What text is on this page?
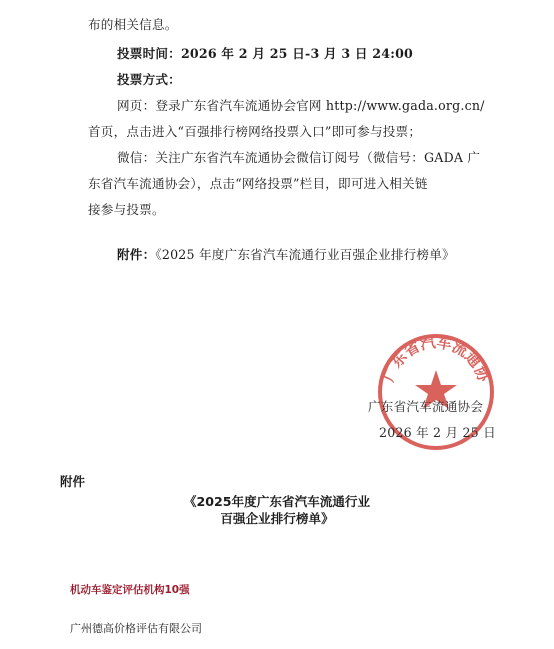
布的相关信息。
投票时间：2026 年 2 月 25 日-3 月 3 日 24:00
投票方式：
网页：登录广东省汽车流通协会官网 http://www.gada.org.cn/
首页，点击进入“百强排行榜网络投票入口”即可参与投票；
微信：关注广东省汽车流通协会微信订阅号（微信号：GADA 广
东省汽车流通协会），点击“网络投票”栏目，即可进入相关链
接参与投票。
附件：《2025 年度广东省汽车流通行业百强企业排行榜单》
广东省汽车流通协
广东省汽车流通协会
2026 年 2 月 25 日
附件
《2025年度广东省汽车流通行业
百强企业排行榜单》
机动车鉴定评估机构10强
广州德高价格评估有限公司
